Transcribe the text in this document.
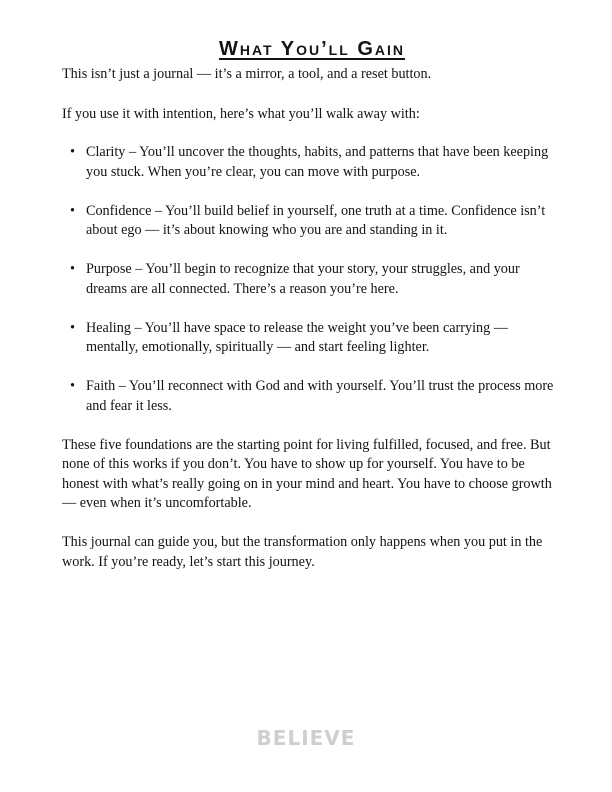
What You’ll Gain

This isn’t just a journal — it’s a mirror, a tool, and a reset button.

If you use it with intention, here’s what you’ll walk away with:

• Clarity – You’ll uncover the thoughts, habits, and patterns that have been keeping you stuck. When you’re clear, you can move with purpose.
• Confidence – You’ll build belief in yourself, one truth at a time. Confidence isn’t about ego — it’s about knowing who you are and standing in it.
• Purpose – You’ll begin to recognize that your story, your struggles, and your dreams are all connected. There’s a reason you’re here.
• Healing – You’ll have space to release the weight you’ve been carrying — mentally, emotionally, spiritually — and start feeling lighter.
• Faith – You’ll reconnect with God and with yourself. You’ll trust the process more and fear it less.

These five foundations are the starting point for living fulfilled, focused, and free. But none of this works if you don’t. You have to show up for yourself. You have to be honest with what’s really going on in your mind and heart. You have to choose growth — even when it’s uncomfortable.

This journal can guide you, but the transformation only happens when you put in the work. If you’re ready, let’s start this journey.

BELIEVE
